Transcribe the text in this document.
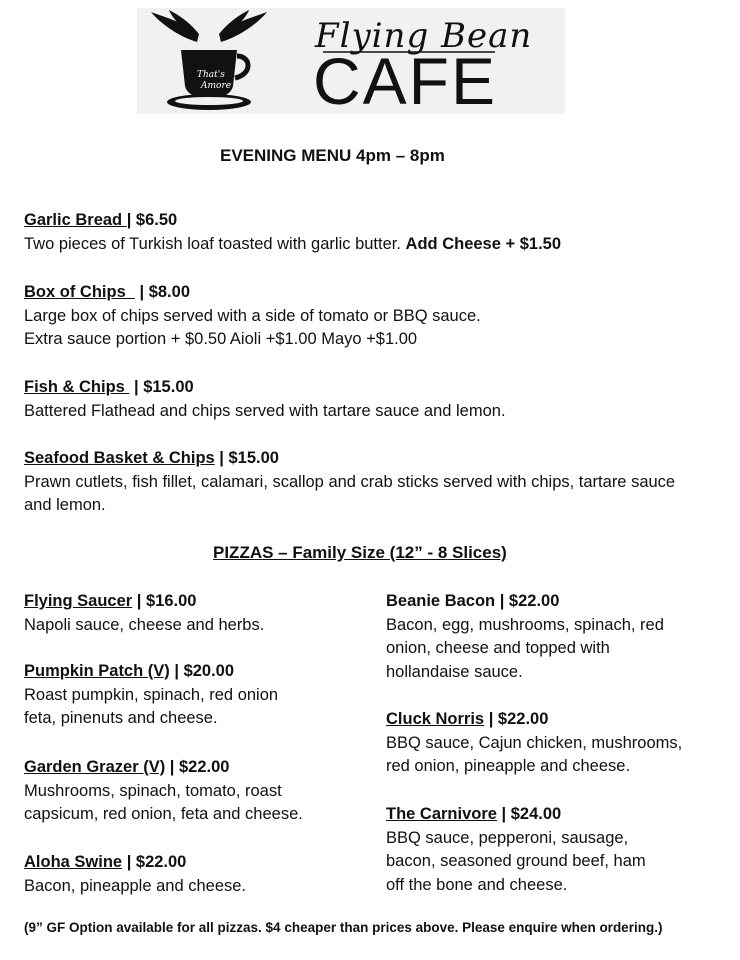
That's
Amore
Flying Bean
CAFE
EVENING MENU 4pm – 8pm
Garlic Bread | $6.50
Two pieces of Turkish loaf toasted with garlic butter. Add Cheese + $1.50
Box of Chips   | $8.00
Large box of chips served with a side of tomato or BBQ sauce.
Extra sauce portion + $0.50 Aioli +$1.00 Mayo +$1.00
Fish & Chips  | $15.00
Battered Flathead and chips served with tartare sauce and lemon.
Seafood Basket & Chips | $15.00
Prawn cutlets, fish fillet, calamari, scallop and crab sticks served with chips, tartare sauce
and lemon.
PIZZAS – Family Size (12” - 8 Slices)
Flying Saucer | $16.00
Napoli sauce, cheese and herbs.
Pumpkin Patch (V) | $20.00
Roast pumpkin, spinach, red onion
feta, pinenuts and cheese.
Garden Grazer (V) | $22.00
Mushrooms, spinach, tomato, roast
capsicum, red onion, feta and cheese.
Aloha Swine | $22.00
Bacon, pineapple and cheese.
Beanie Bacon | $22.00
Bacon, egg, mushrooms, spinach, red
onion, cheese and topped with
hollandaise sauce.
Cluck Norris | $22.00
BBQ sauce, Cajun chicken, mushrooms,
red onion, pineapple and cheese.
The Carnivore | $24.00
BBQ sauce, pepperoni, sausage,
bacon, seasoned ground beef, ham
off the bone and cheese.
(9” GF Option available for all pizzas. $4 cheaper than prices above. Please enquire when ordering.)
